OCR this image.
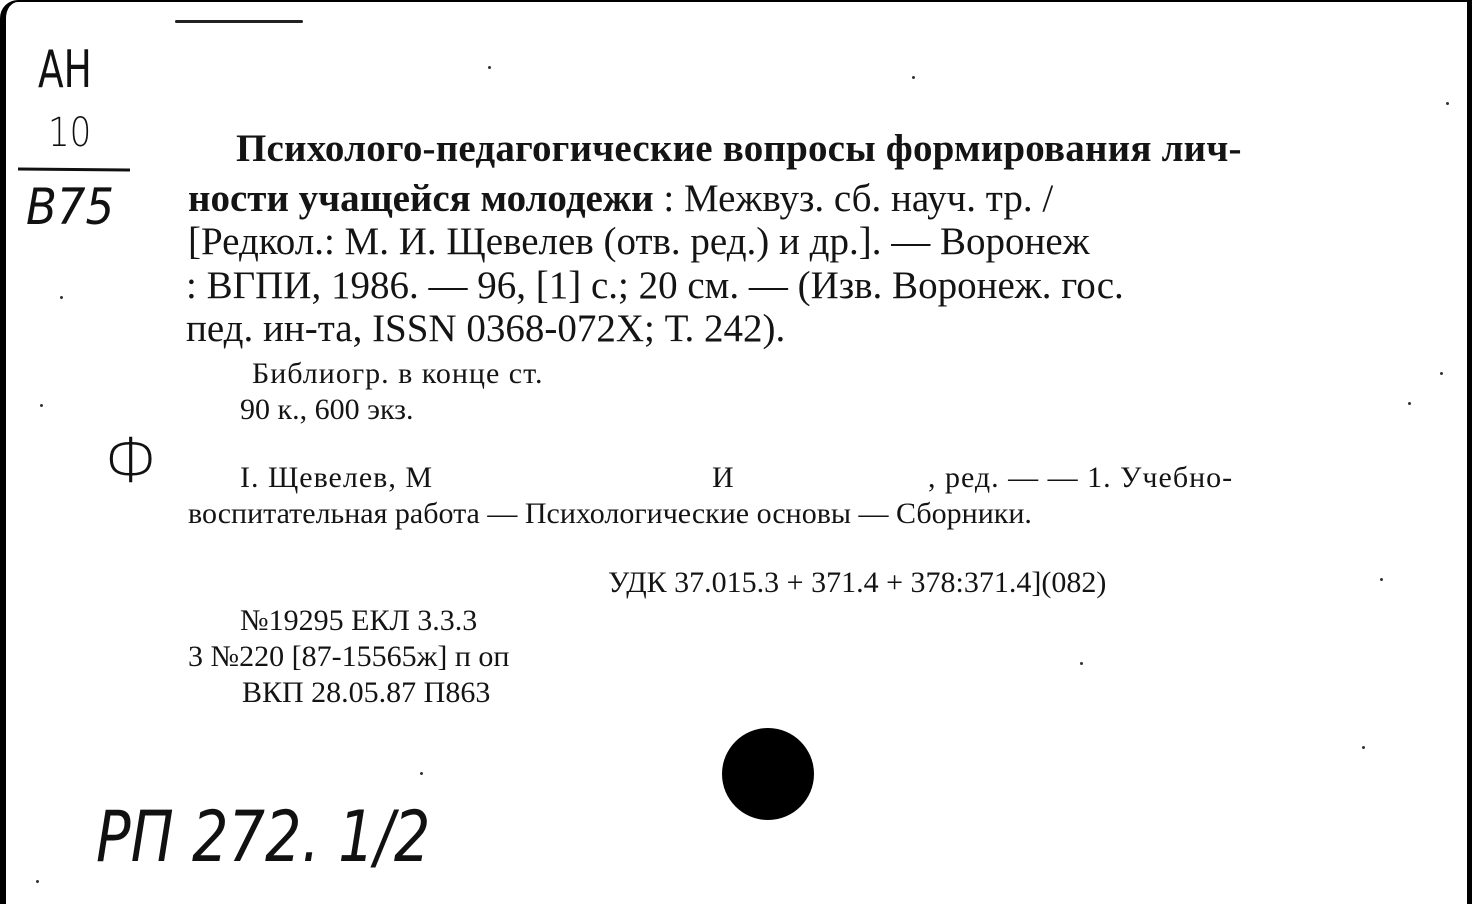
АН
10
В75
Ф
Психолого-педагогические вопросы формирования лич-
ности учащейся молодежи : Межвуз. сб. науч. тр. /
[Редкол.: М. И. Щевелев (отв. ред.) и др.]. — Воронеж
: ВГПИ, 1986. — 96, [1] с.; 20 см. — (Изв. Воронеж. гос.
пед. ин-та, ISSN 0368-072X; Т. 242).
Библиогр. в конце ст.
90 к., 600 экз.
I. Щевелев, М	И	, ред. — — 1. Учебно-
воспитательная работа — Психологические основы — Сборники.
УДК 37.015.3 + 371.4 + 378:371.4](082)
№19295 ЕКЛ 3.3.3
3 №220 [87-15565ж] п оп
ВКП 28.05.87 П863
РП 272. 1/2
